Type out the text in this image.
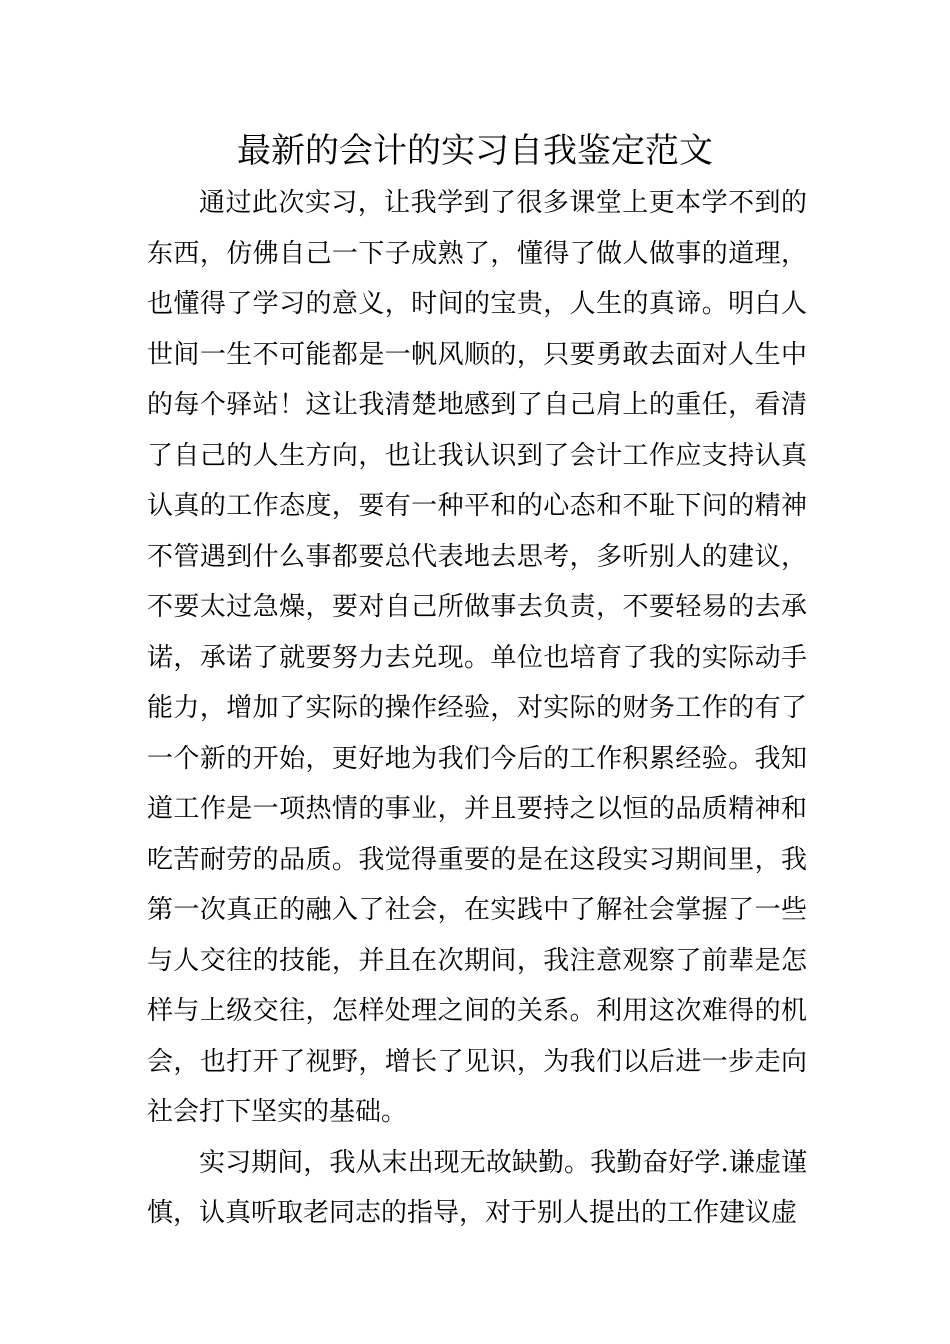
最新的会计的实习自我鉴定范文

通过此次实习，让我学到了很多课堂上更本学不到的东西，仿佛自己一下子成熟了，懂得了做人做事的道理，也懂得了学习的意义，时间的宝贵，人生的真谛。明白人世间一生不可能都是一帆风顺的，只要勇敢去面对人生中的每个驿站！这让我清楚地感到了自己肩上的重任，看清了自己的人生方向，也让我认识到了会计工作应支持认真认真的工作态度，要有一种平和的心态和不耻下问的精神不管遇到什么事都要总代表地去思考，多听别人的建议，不要太过急燥，要对自己所做事去负责，不要轻易的去承诺，承诺了就要努力去兑现。单位也培育了我的实际动手能力，增加了实际的操作经验，对实际的财务工作的有了一个新的开始，更好地为我们今后的工作积累经验。我知道工作是一项热情的事业，并且要持之以恒的品质精神和吃苦耐劳的品质。我觉得重要的是在这段实习期间里，我第一次真正的融入了社会，在实践中了解社会掌握了一些与人交往的技能，并且在次期间，我注意观察了前辈是怎样与上级交往，怎样处理之间的关系。利用这次难得的机会，也打开了视野，增长了见识，为我们以后进一步走向社会打下坚实的基础。

实习期间，我从末出现无故缺勤。我勤奋好学.谦虚谨慎，认真听取老同志的指导，对于别人提出的工作建议虚
